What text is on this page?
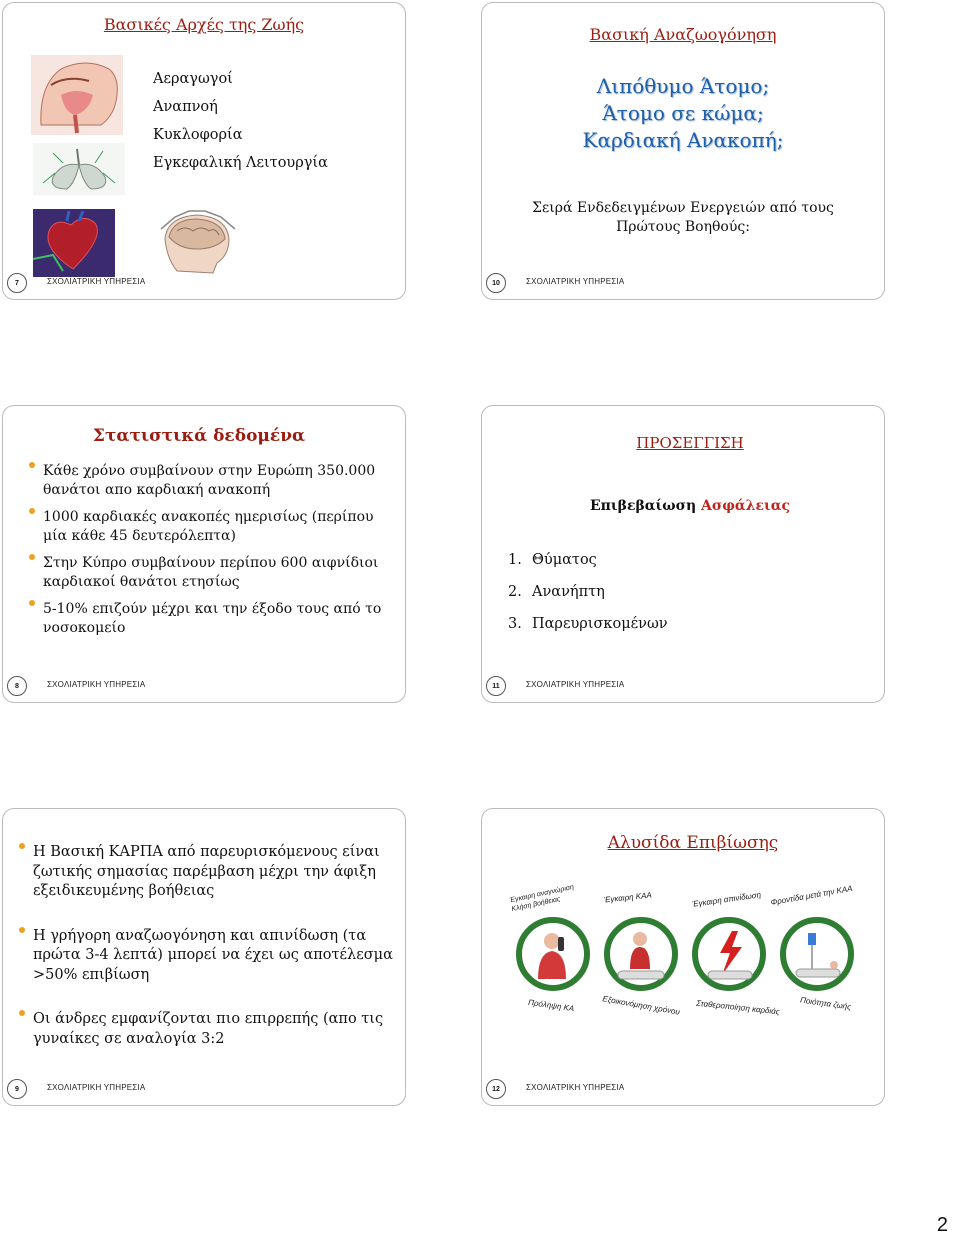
Βασικές Αρχές της Ζωής
Αεραγωγοί
Αναπνοή
Κυκλοφορία
Εγκεφαλική Λειτουργία
7	ΣΧΟΛΙΑΤΡΙΚΗ ΥΠΗΡΕΣΙΑ
Βασική Αναζωογόνηση
Λιπόθυμο Άτομο;
Άτομο σε κώμα;
Καρδιακή Ανακοπή;
Σειρά Ενδεδειγμένων Ενεργειών από τους Πρώτους Βοηθούς:
10	ΣΧΟΛΙΑΤΡΙΚΗ ΥΠΗΡΕΣΙΑ
Στατιστικά δεδομένα
Κάθε χρόνο συμβαίνουν στην Ευρώπη 350.000 θανάτοι απο καρδιακή ανακοπή
1000 καρδιακές ανακοπές ημερισίως (περίπου μία κάθε 45 δευτερόλεπτα)
Στην Κύπρο συμβαίνουν περίπου 600 αιφνίδιοι καρδιακοί θανάτοι ετησίως
5-10% επιζούν μέχρι και την έξοδο τους από το νοσοκομείο
8	ΣΧΟΛΙΑΤΡΙΚΗ ΥΠΗΡΕΣΙΑ
ΠΡΟΣΕΓΓΙΣΗ
Επιβεβαίωση Ασφάλειας
1. Θύματος
2. Ανανήπτη
3. Παρευρισκομένων
11	ΣΧΟΛΙΑΤΡΙΚΗ ΥΠΗΡΕΣΙΑ
Η Βασική ΚΑΡΠΑ από παρευρισκόμενους είναι ζωτικής σημασίας παρέμβαση μέχρι την άφιξη εξειδικευμένης βοήθειας
Η γρήγορη αναζωογόνηση και απινίδωση (τα πρώτα 3-4 λεπτά) μπορεί να έχει ως αποτέλεσμα >50% επιβίωση
Οι άνδρες εμφανίζονται πιο επιρρεπής (απο τις γυναίκες σε αναλογία 3:2
9	ΣΧΟΛΙΑΤΡΙΚΗ ΥΠΗΡΕΣΙΑ
Αλυσίδα Επιβίωσης
Έγκαιρη αναγνώριση Κλήση βοήθειας	Έγκαιρη ΚΑΑ	Έγκαιρη απινίδωση Φροντίδα μετά την ΚΑΑ
Πρόληψη ΚΑ	Εξοικονόμηση χρόνου Σταθεροποίηση καρδιάς Ποιότητα ζωής
12	ΣΧΟΛΙΑΤΡΙΚΗ ΥΠΗΡΕΣΙΑ
2
